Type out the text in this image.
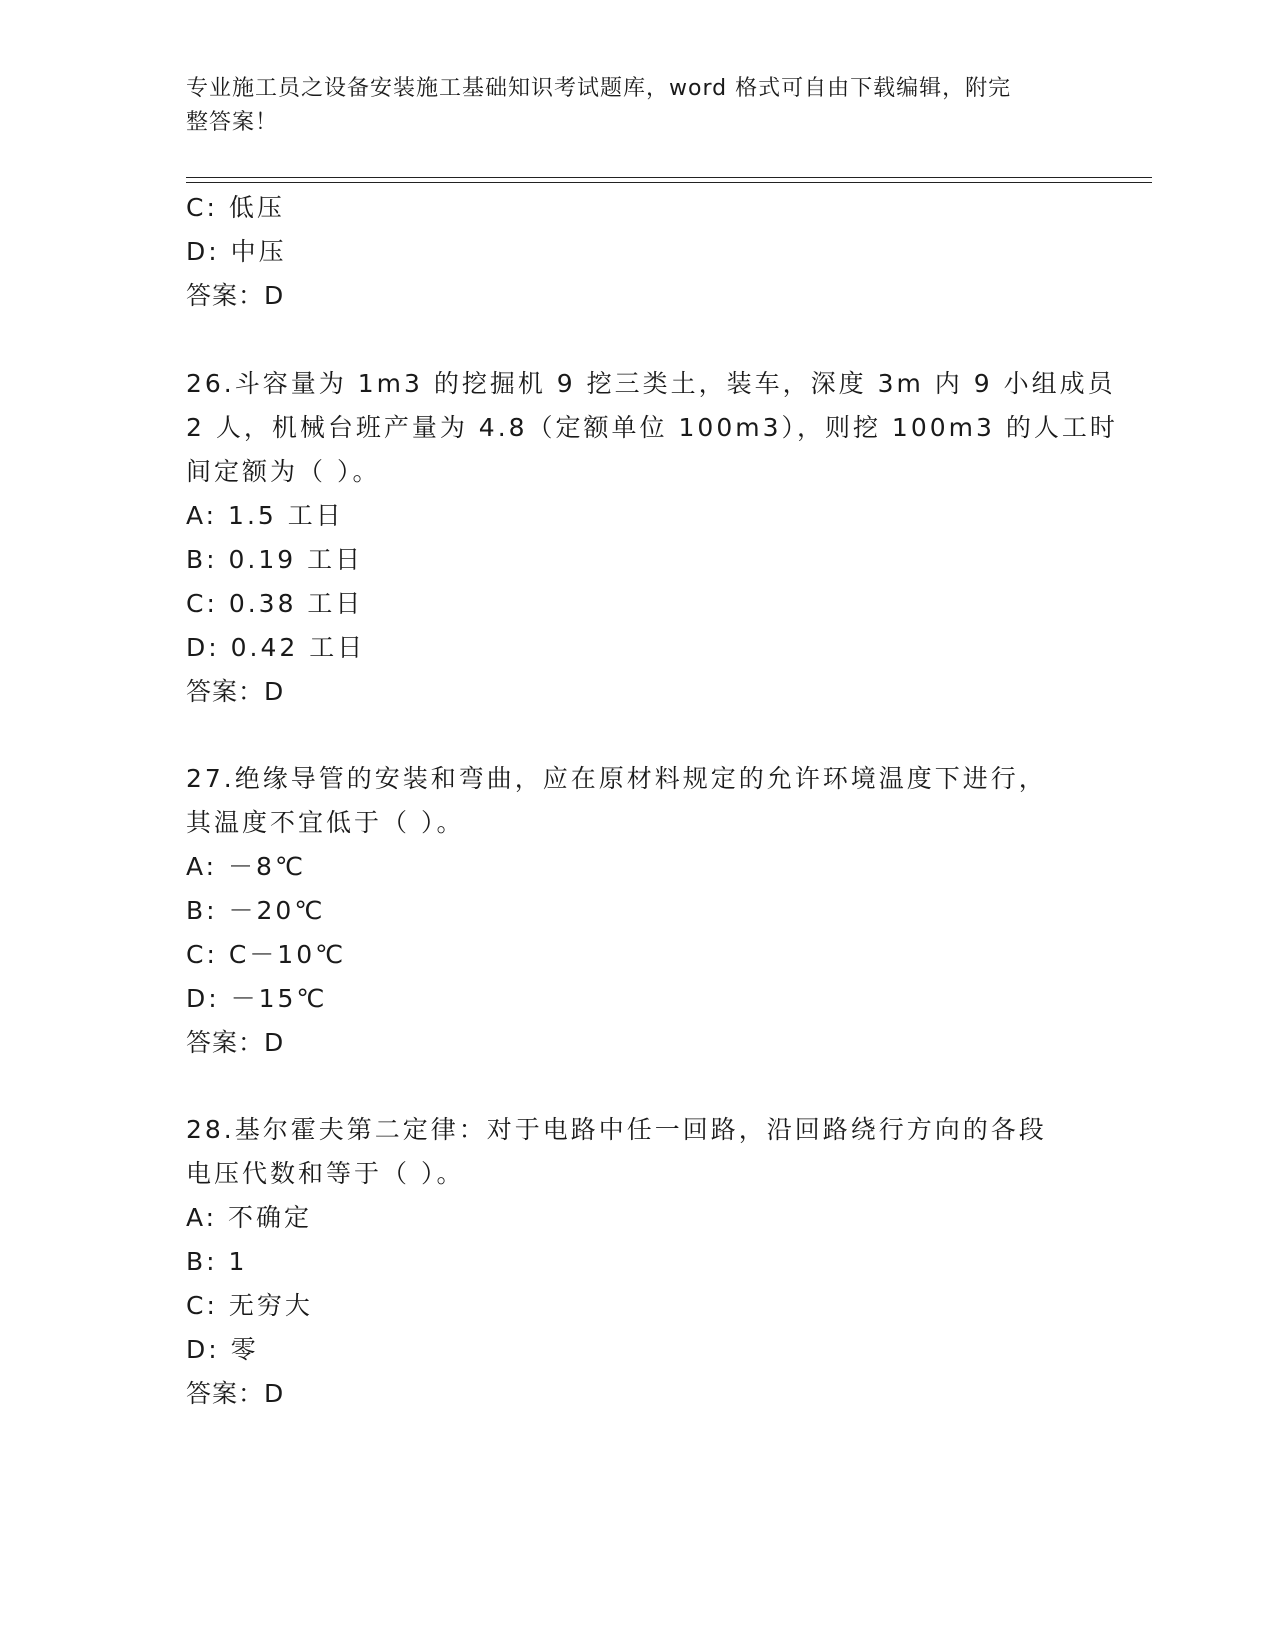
专业施工员之设备安装施工基础知识考试题库，word 格式可自由下载编辑，附完
整答案！
C: 低压
D: 中压
答案：D
26.斗容量为 1m3 的挖掘机 9 挖三类土，装车，深度 3m 内 9 小组成员
2 人，机械台班产量为 4.8（定额单位 100m3），则挖 100m3 的人工时
间定额为（ ）。
A: 1.5 工日
B: 0.19 工日
C: 0.38 工日
D: 0.42 工日
答案：D
27.绝缘导管的安装和弯曲，应在原材料规定的允许环境温度下进行，
其温度不宜低于（ ）。
A: －8℃
B: －20℃
C: C－10℃
D: －15℃
答案：D
28.基尔霍夫第二定律：对于电路中任一回路，沿回路绕行方向的各段
电压代数和等于（ ）。
A: 不确定
B: 1
C: 无穷大
D: 零
答案：D
